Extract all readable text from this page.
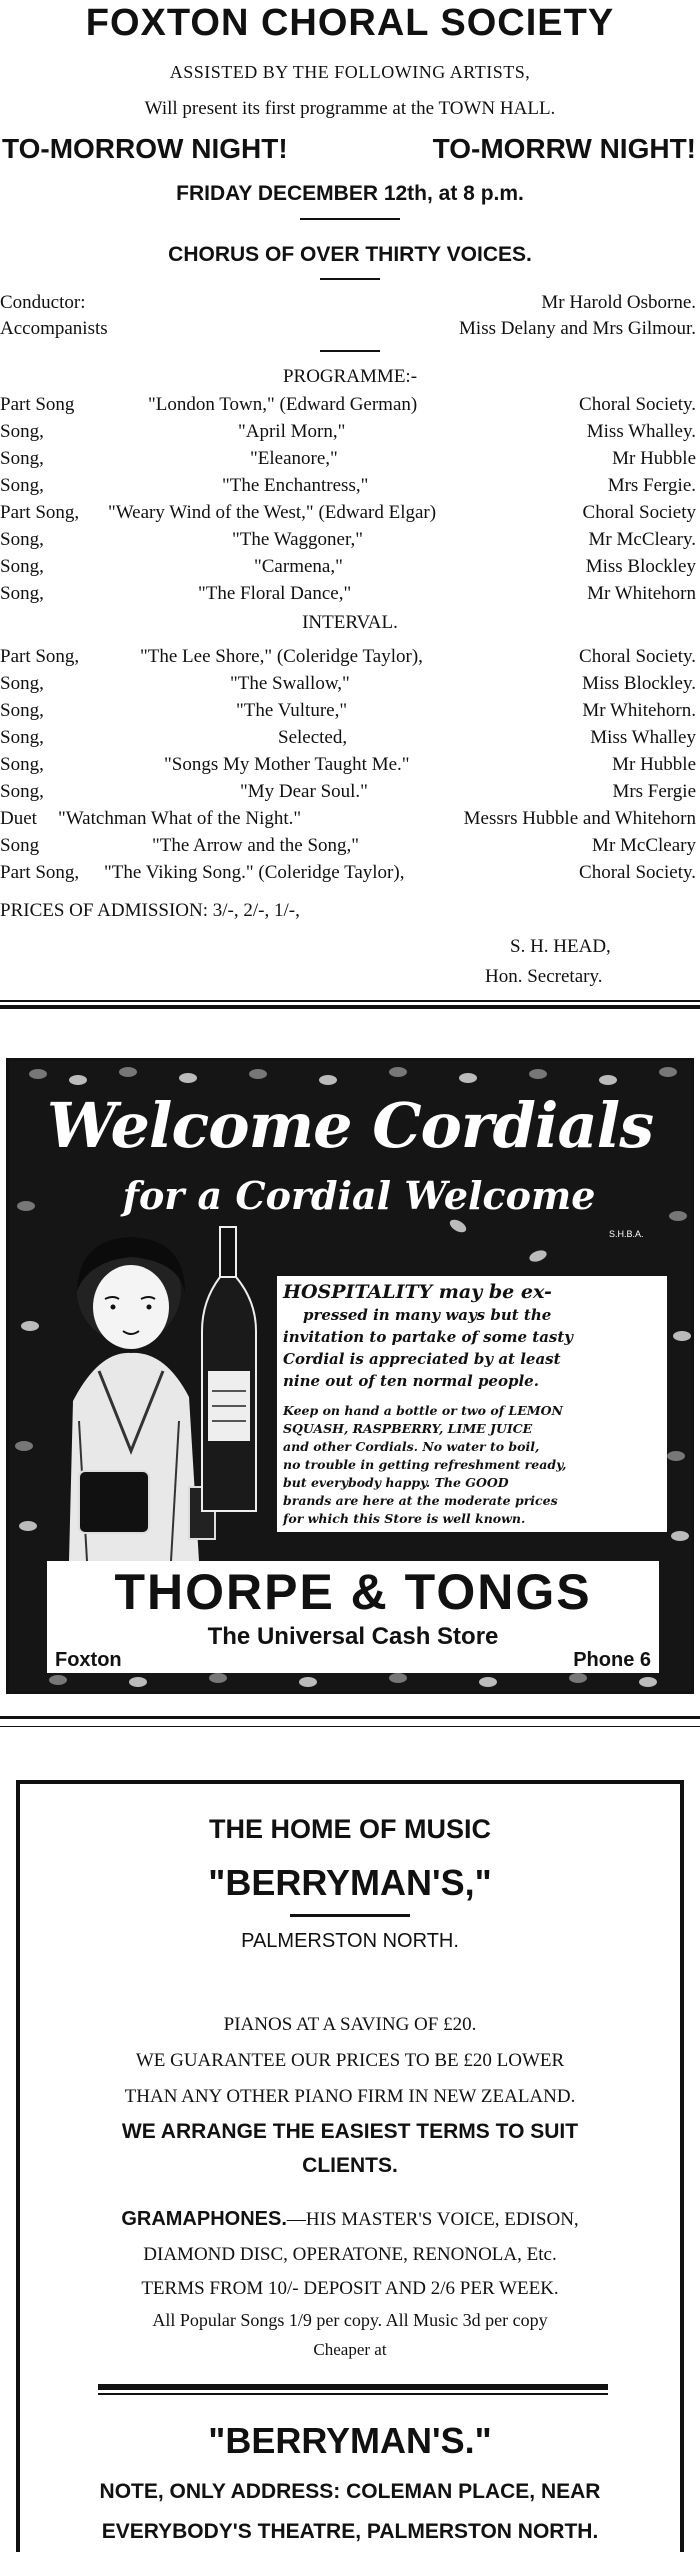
FOXTON CHORAL SOCIETY
ASSISTED BY THE FOLLOWING ARTISTS,
Will present its first programme at the TOWN HALL.
TO-MORROW NIGHT!	TO-MORRW NIGHT!
FRIDAY DECEMBER 12th, at 8 p.m.
CHORUS OF OVER THIRTY VOICES.
Conductor:	Mr Harold Osborne.
Accompanists	Miss Delany and Mrs Gilmour.
PROGRAMME:-
Part Song	"London Town," (Edward German)	Choral Society.
Song,	"April Morn,"	Miss Whalley.
Song,	"Eleanore,"	Mr Hubble
Song,	"The Enchantress,"	Mrs Fergie.
Part Song, "Weary Wind of the West," (Edward Elgar)	Choral Society
Song,	"The Waggoner,"	Mr McCleary.
Song,	"Carmena,"	Miss Blockley
Song,	"The Floral Dance,"	Mr Whitehorn
INTERVAL.
Part Song,	"The Lee Shore," (Coleridge Taylor),	Choral Society.
Song,	"The Swallow,"	Miss Blockley.
Song,	"The Vulture,"	Mr Whitehorn.
Song,	Selected,	Miss Whalley
Song,	"Songs My Mother Taught Me."	Mr Hubble
Song,	"My Dear Soul."	Mrs Fergie
Duet "Watchman What of the Night."	Messrs Hubble and Whitehorn
Song	"The Arrow and the Song,"	Mr McCleary
Part Song, "The Viking Song." (Coleridge Taylor),	Choral Society.
PRICES OF ADMISSION: 3/-, 2/-, 1/-,
S. H. HEAD,
Hon. Secretary.
Welcome Cordials
for a Cordial Welcome
S.H.B.A.
HOSPITALITY may be ex-
pressed in many ways but the
invitation to partake of some tasty
Cordial is appreciated by at least
nine out of ten normal people.
Keep on hand a bottle or two of LEMON
SQUASH, RASPBERRY, LIME JUICE
and other Cordials. No water to boil,
no trouble in getting refreshment ready,
but everybody happy. The GOOD
brands are here at the moderate prices
for which this Store is well known.
THORPE & TONGS
The Universal Cash Store
Foxton	Phone 6
THE HOME OF MUSIC
"BERRYMAN'S,"
PALMERSTON NORTH.
PIANOS AT A SAVING OF £20.
WE GUARANTEE OUR PRICES TO BE £20 LOWER
THAN ANY OTHER PIANO FIRM IN NEW ZEALAND.
WE ARRANGE THE EASIEST TERMS TO SUIT
CLIENTS.
GRAMAPHONES.—HIS MASTER'S VOICE, EDISON,
DIAMOND DISC, OPERATONE, RENONOLA, Etc.
TERMS FROM 10/- DEPOSIT AND 2/6 PER WEEK.
All Popular Songs 1/9 per copy. All Music 3d per copy
Cheaper at
"BERRYMAN'S."
NOTE, ONLY ADDRESS: COLEMAN PLACE, NEAR
EVERYBODY'S THEATRE, PALMERSTON NORTH.
